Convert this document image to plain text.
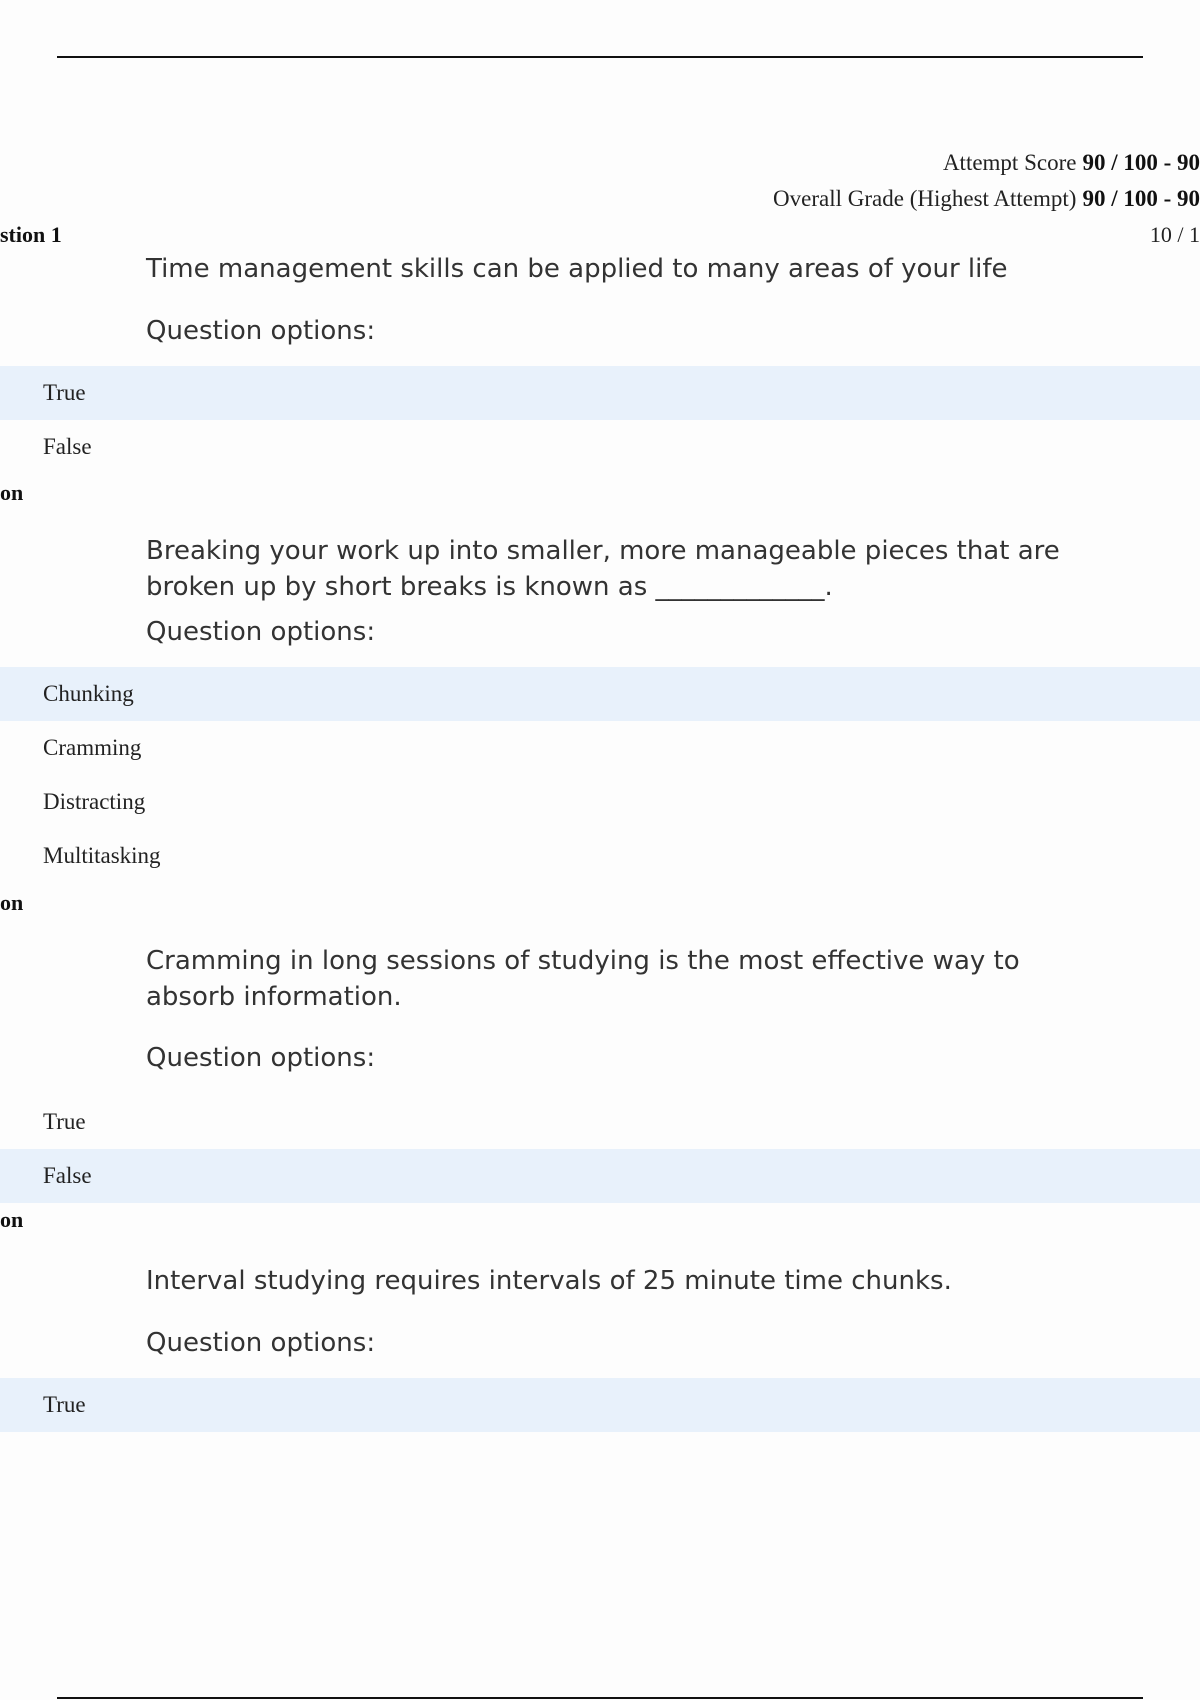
Attempt Score 90 / 100 - 90
Overall Grade (Highest Attempt) 90 / 100 - 90
stion 1	10 / 1
Time management skills can be applied to many areas of your life
Question options:
True
False
on
Breaking your work up into smaller, more manageable pieces that are broken up by short breaks is known as _____________.
Question options:
Chunking
Cramming
Distracting
Multitasking
on
Cramming in long sessions of studying is the most effective way to absorb information.
Question options:
True
False
on
Interval studying requires intervals of 25 minute time chunks.
Question options:
True
